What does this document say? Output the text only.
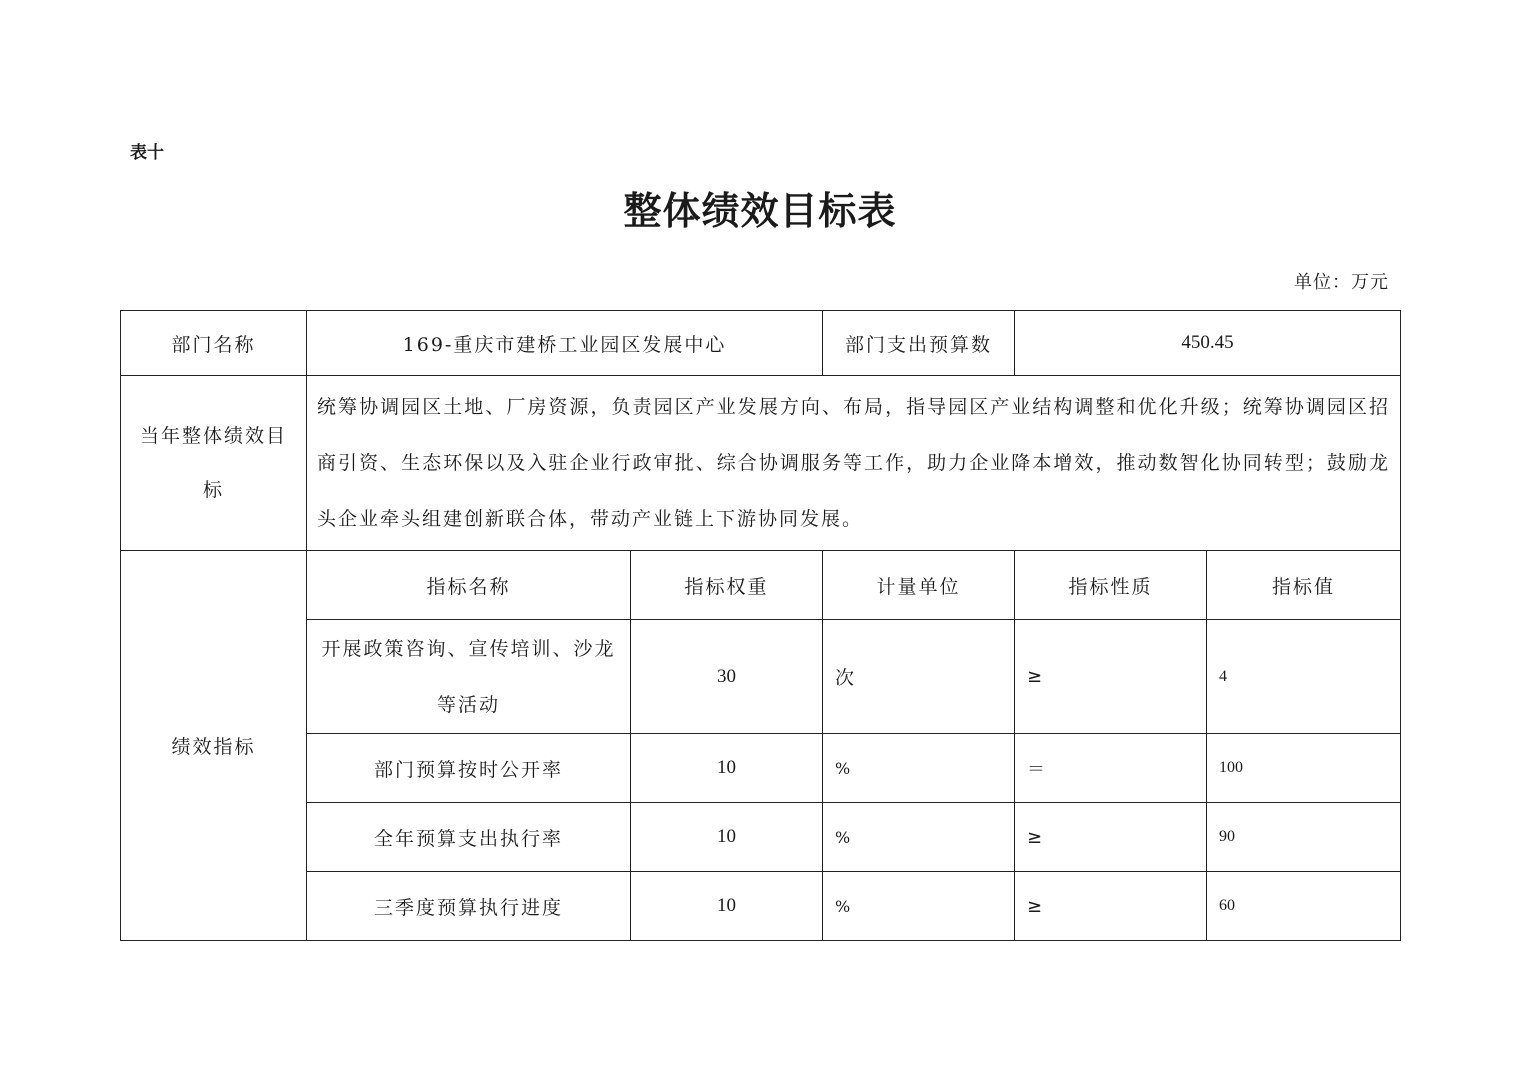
表十
整体绩效目标表
单位：万元
部门名称	169-重庆市建桥工业园区发展中心		部门支出预算数	450.45	
当年整体绩效目标	统筹协调园区土地、厂房资源，负责园区产业发展方向、布局，指导园区产业结构调整和优化升级；统筹协调园区招商引资、生态环保以及入驻企业行政审批、综合协调服务等工作，助力企业降本增效，推动数智化协同转型；鼓励龙头企业牵头组建创新联合体，带动产业链上下游协同发展。				
绩效指标	指标名称	指标权重	计量单位	指标性质	指标值
	开展政策咨询、宣传培训、沙龙等活动	30	次	≥	4
	部门预算按时公开率	10	%	＝	100
	全年预算支出执行率	10	%	≥	90
	三季度预算执行进度	10	%	≥	60
